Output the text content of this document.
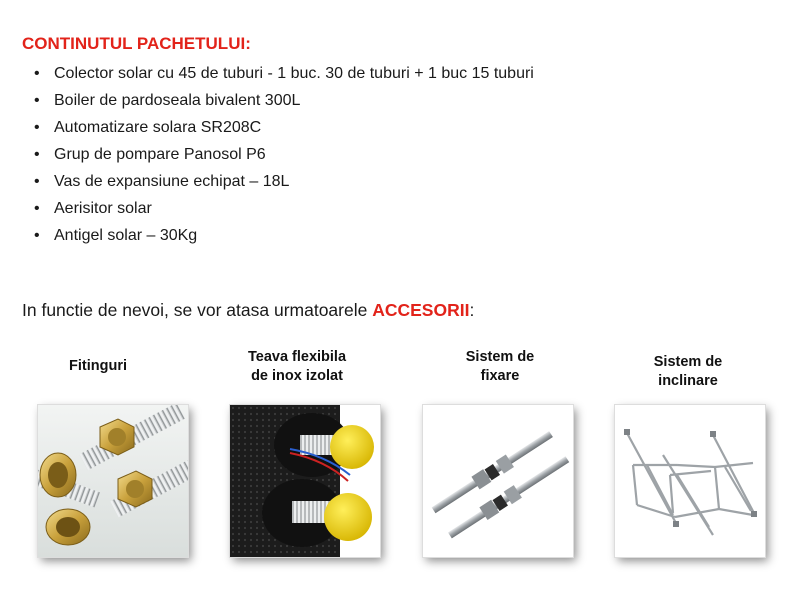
CONTINUTUL PACHETULUI:
• Colector solar cu 45 de tuburi - 1 buc. 30 de tuburi + 1 buc 15 tuburi
• Boiler de pardoseala bivalent 300L
• Automatizare solara SR208C
• Grup de pompare Panosol P6
• Vas de expansiune echipat – 18L
• Aerisitor solar
• Antigel solar – 30Kg
In functie de nevoi, se vor atasa urmatoarele ACCESORII:
Fitinguri
Teava flexibila
de inox izolat
Sistem de
fixare
Sistem de
inclinare
